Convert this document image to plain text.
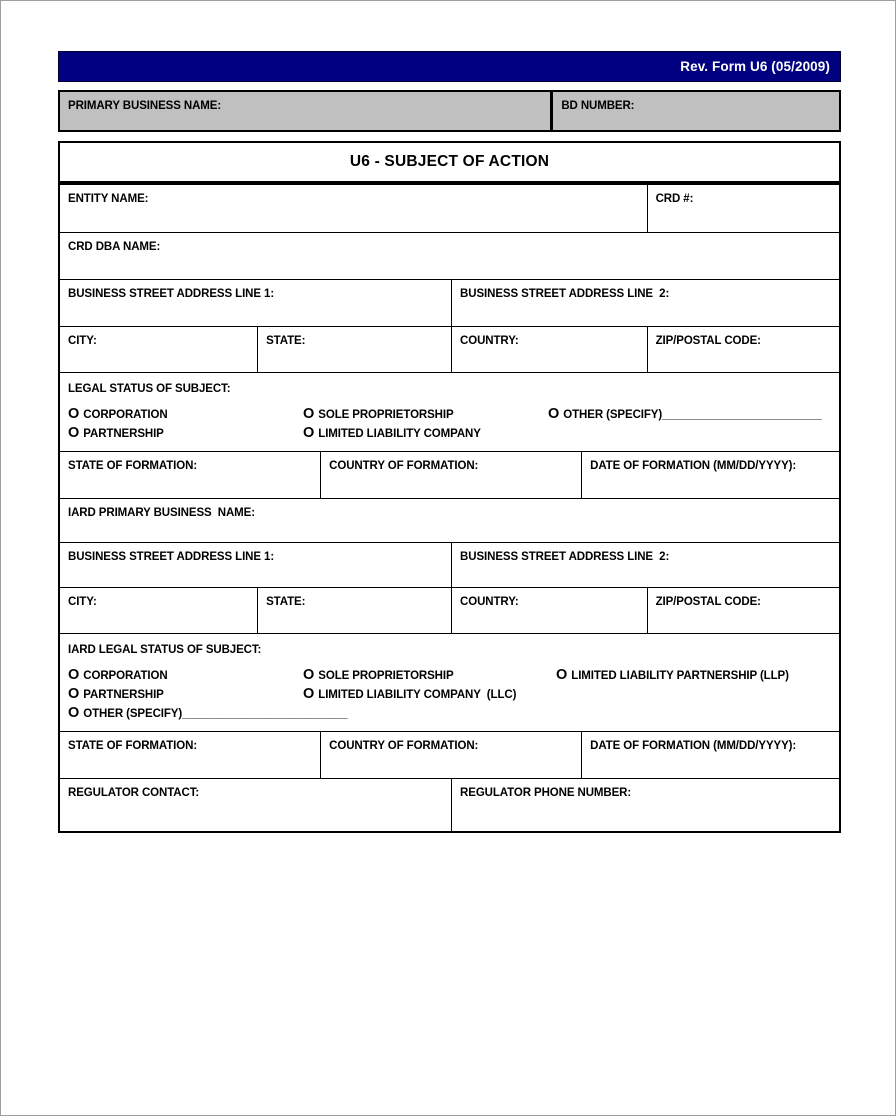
Rev. Form U6 (05/2009)
PRIMARY BUSINESS NAME:	BD NUMBER:
U6 - SUBJECT OF ACTION
ENTITY NAME:	CRD #:
CRD DBA NAME:
BUSINESS STREET ADDRESS LINE 1:	BUSINESS STREET ADDRESS LINE  2:
CITY:	STATE:	COUNTRY:	ZIP/POSTAL CODE:
LEGAL STATUS OF SUBJECT:
O CORPORATION	O SOLE PROPRIETORSHIP	O OTHER (SPECIFY) ___________________________
O PARTNERSHIP	O LIMITED LIABILITY COMPANY
STATE OF FORMATION:	COUNTRY OF FORMATION:	DATE OF FORMATION (MM/DD/YYYY):
IARD PRIMARY BUSINESS  NAME:
BUSINESS STREET ADDRESS LINE 1:	BUSINESS STREET ADDRESS LINE  2:
CITY:	STATE:	COUNTRY:	ZIP/POSTAL CODE:
IARD LEGAL STATUS OF SUBJECT:
O CORPORATION	O SOLE PROPRIETORSHIP	O LIMITED LIABILITY PARTNERSHIP (LLP)
O PARTNERSHIP	O LIMITED LIABILITY COMPANY  (LLC)
O OTHER (SPECIFY) ____________________________
STATE OF FORMATION:	COUNTRY OF FORMATION:	DATE OF FORMATION (MM/DD/YYYY):
REGULATOR CONTACT:	REGULATOR PHONE NUMBER:
